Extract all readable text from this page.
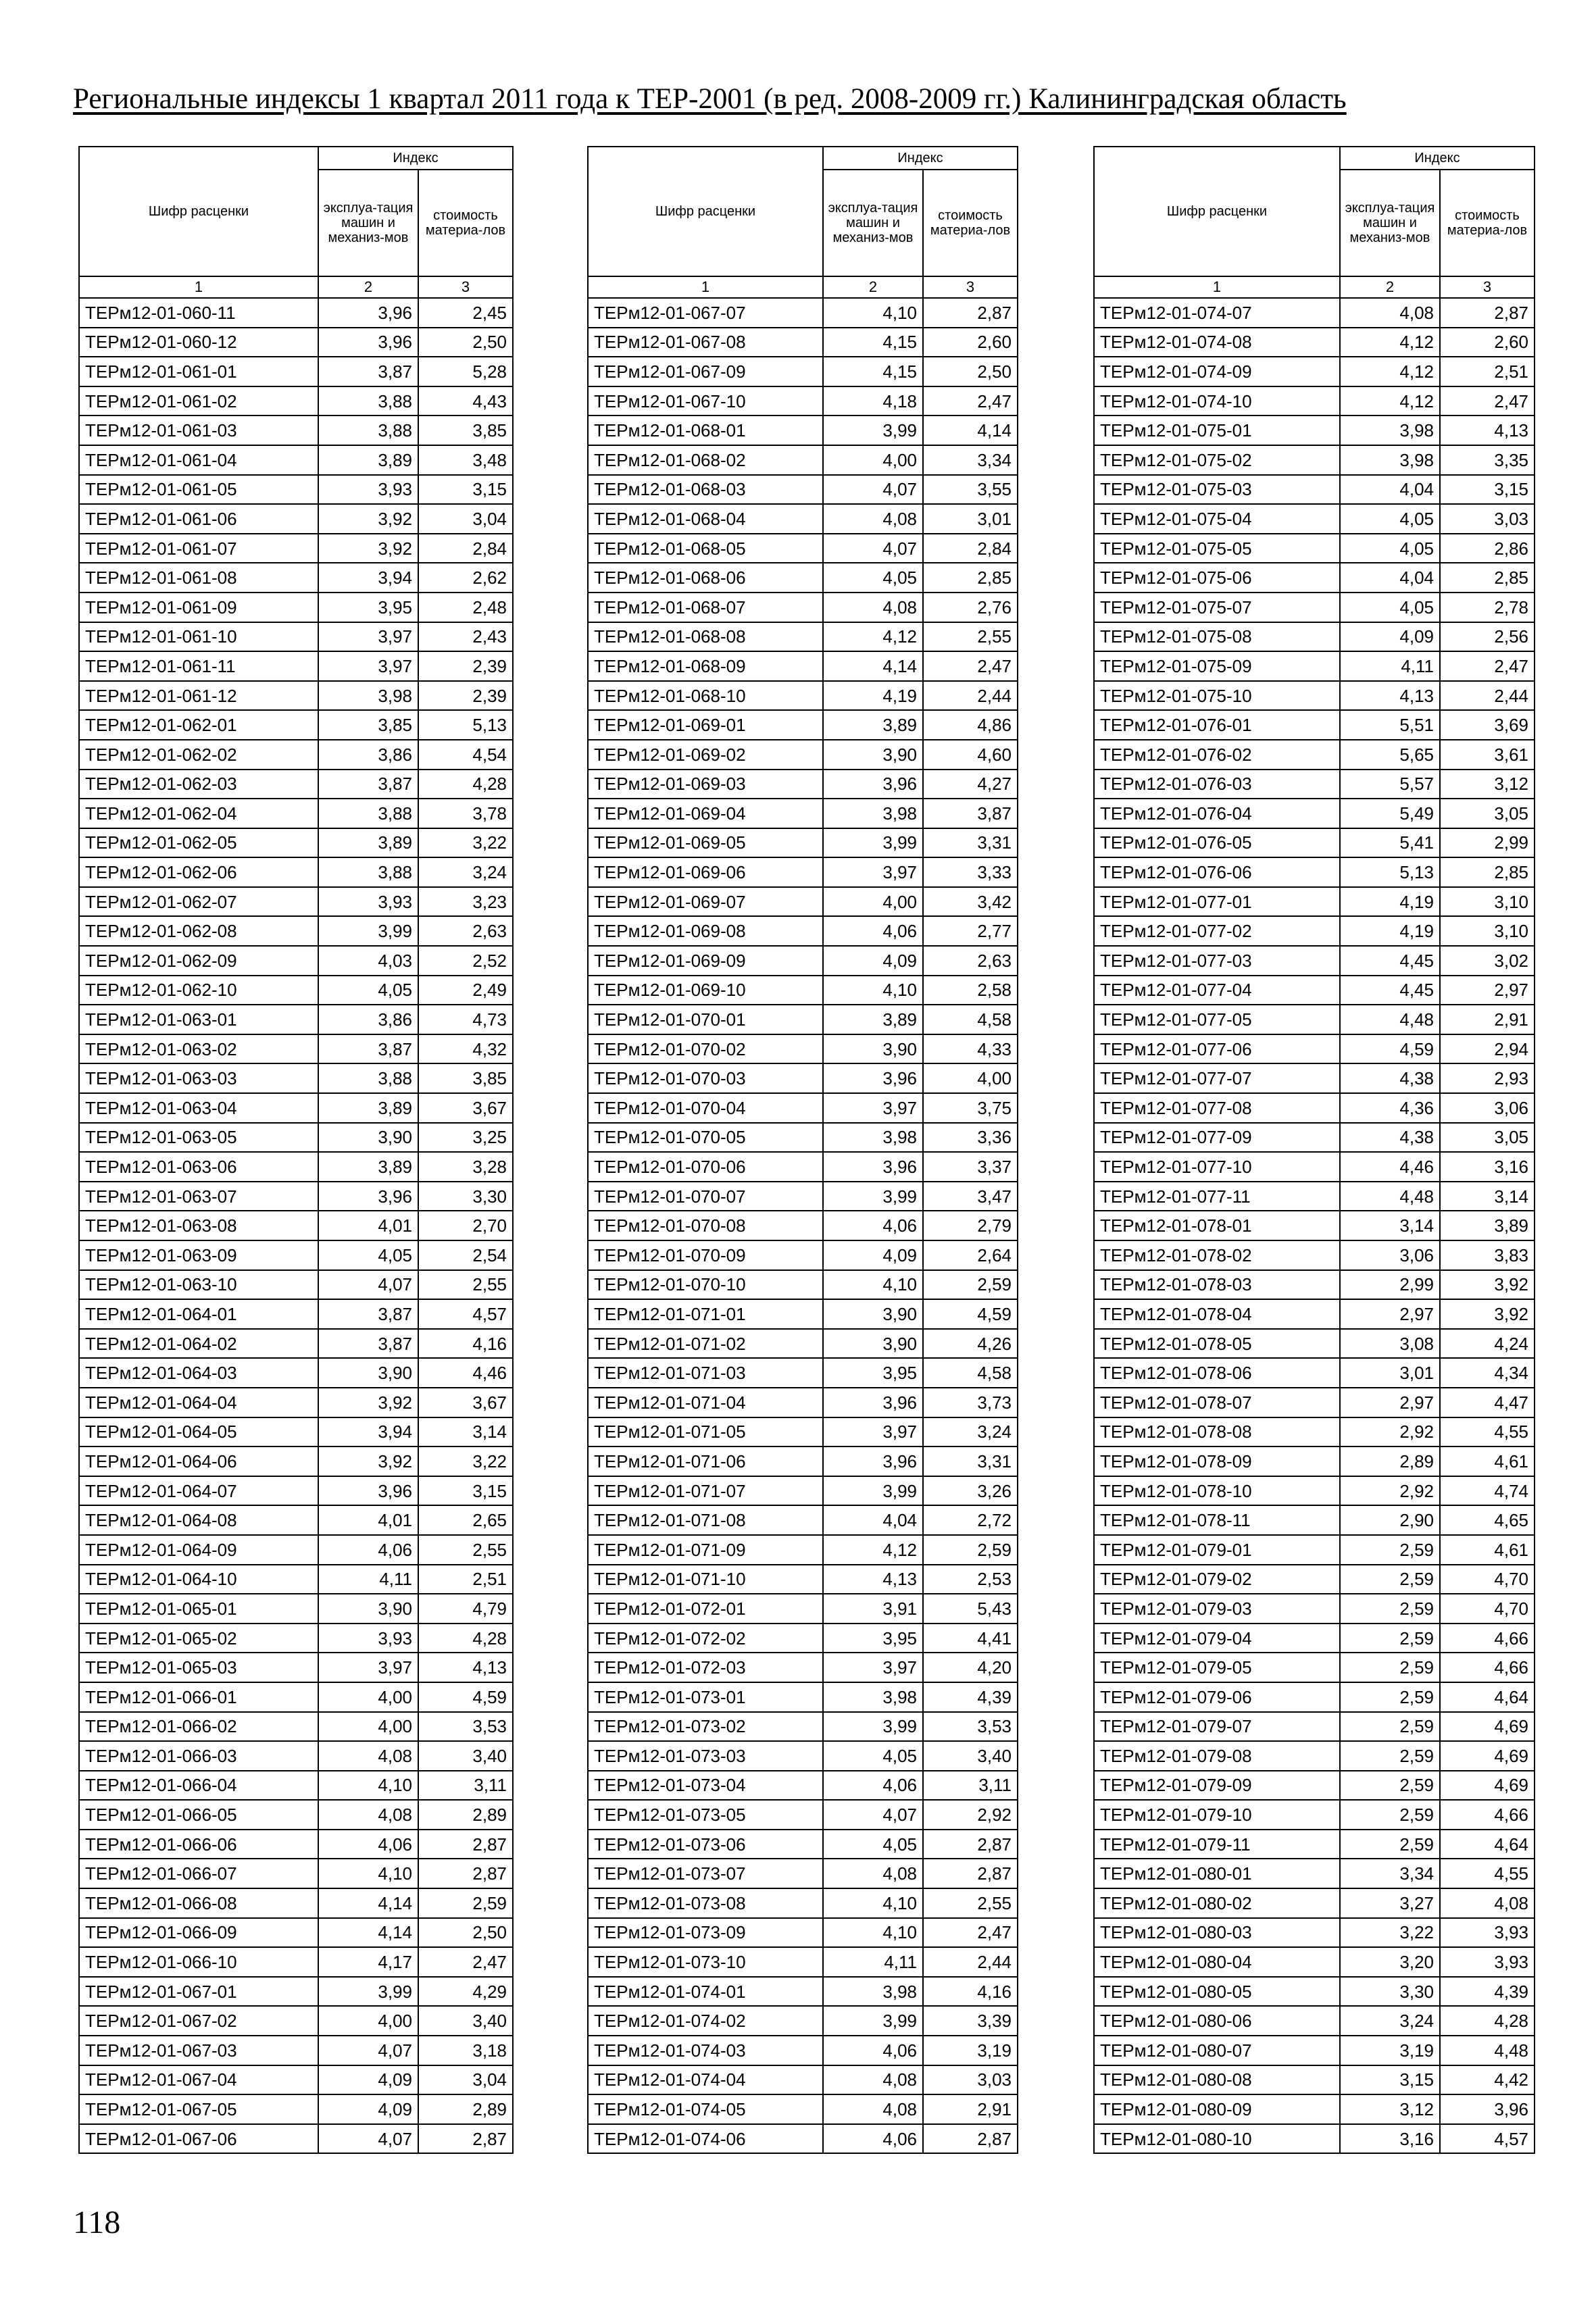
Региональные индексы 1 квартал 2011 года к ТЕР-2001 (в ред. 2008-2009 гг.) Калининградская область
Шифр расценки	Индекс	
	эксплуа-тация машин и механиз-мов	стоимость материа-лов
1	2	3
ТЕРм12-01-060-11	3,96	2,45
ТЕРм12-01-060-12	3,96	2,50
ТЕРм12-01-061-01	3,87	5,28
ТЕРм12-01-061-02	3,88	4,43
ТЕРм12-01-061-03	3,88	3,85
ТЕРм12-01-061-04	3,89	3,48
ТЕРм12-01-061-05	3,93	3,15
ТЕРм12-01-061-06	3,92	3,04
ТЕРм12-01-061-07	3,92	2,84
ТЕРм12-01-061-08	3,94	2,62
ТЕРм12-01-061-09	3,95	2,48
ТЕРм12-01-061-10	3,97	2,43
ТЕРм12-01-061-11	3,97	2,39
ТЕРм12-01-061-12	3,98	2,39
ТЕРм12-01-062-01	3,85	5,13
ТЕРм12-01-062-02	3,86	4,54
ТЕРм12-01-062-03	3,87	4,28
ТЕРм12-01-062-04	3,88	3,78
ТЕРм12-01-062-05	3,89	3,22
ТЕРм12-01-062-06	3,88	3,24
ТЕРм12-01-062-07	3,93	3,23
ТЕРм12-01-062-08	3,99	2,63
ТЕРм12-01-062-09	4,03	2,52
ТЕРм12-01-062-10	4,05	2,49
ТЕРм12-01-063-01	3,86	4,73
ТЕРм12-01-063-02	3,87	4,32
ТЕРм12-01-063-03	3,88	3,85
ТЕРм12-01-063-04	3,89	3,67
ТЕРм12-01-063-05	3,90	3,25
ТЕРм12-01-063-06	3,89	3,28
ТЕРм12-01-063-07	3,96	3,30
ТЕРм12-01-063-08	4,01	2,70
ТЕРм12-01-063-09	4,05	2,54
ТЕРм12-01-063-10	4,07	2,55
ТЕРм12-01-064-01	3,87	4,57
ТЕРм12-01-064-02	3,87	4,16
ТЕРм12-01-064-03	3,90	4,46
ТЕРм12-01-064-04	3,92	3,67
ТЕРм12-01-064-05	3,94	3,14
ТЕРм12-01-064-06	3,92	3,22
ТЕРм12-01-064-07	3,96	3,15
ТЕРм12-01-064-08	4,01	2,65
ТЕРм12-01-064-09	4,06	2,55
ТЕРм12-01-064-10	4,11	2,51
ТЕРм12-01-065-01	3,90	4,79
ТЕРм12-01-065-02	3,93	4,28
ТЕРм12-01-065-03	3,97	4,13
ТЕРм12-01-066-01	4,00	4,59
ТЕРм12-01-066-02	4,00	3,53
ТЕРм12-01-066-03	4,08	3,40
ТЕРм12-01-066-04	4,10	3,11
ТЕРм12-01-066-05	4,08	2,89
ТЕРм12-01-066-06	4,06	2,87
ТЕРм12-01-066-07	4,10	2,87
ТЕРм12-01-066-08	4,14	2,59
ТЕРм12-01-066-09	4,14	2,50
ТЕРм12-01-066-10	4,17	2,47
ТЕРм12-01-067-01	3,99	4,29
ТЕРм12-01-067-02	4,00	3,40
ТЕРм12-01-067-03	4,07	3,18
ТЕРм12-01-067-04	4,09	3,04
ТЕРм12-01-067-05	4,09	2,89
ТЕРм12-01-067-06	4,07	2,87
Шифр расценки	Индекс	
	эксплуа-тация машин и механиз-мов	стоимость материа-лов
1	2	3
ТЕРм12-01-067-07	4,10	2,87
ТЕРм12-01-067-08	4,15	2,60
ТЕРм12-01-067-09	4,15	2,50
ТЕРм12-01-067-10	4,18	2,47
ТЕРм12-01-068-01	3,99	4,14
ТЕРм12-01-068-02	4,00	3,34
ТЕРм12-01-068-03	4,07	3,55
ТЕРм12-01-068-04	4,08	3,01
ТЕРм12-01-068-05	4,07	2,84
ТЕРм12-01-068-06	4,05	2,85
ТЕРм12-01-068-07	4,08	2,76
ТЕРм12-01-068-08	4,12	2,55
ТЕРм12-01-068-09	4,14	2,47
ТЕРм12-01-068-10	4,19	2,44
ТЕРм12-01-069-01	3,89	4,86
ТЕРм12-01-069-02	3,90	4,60
ТЕРм12-01-069-03	3,96	4,27
ТЕРм12-01-069-04	3,98	3,87
ТЕРм12-01-069-05	3,99	3,31
ТЕРм12-01-069-06	3,97	3,33
ТЕРм12-01-069-07	4,00	3,42
ТЕРм12-01-069-08	4,06	2,77
ТЕРм12-01-069-09	4,09	2,63
ТЕРм12-01-069-10	4,10	2,58
ТЕРм12-01-070-01	3,89	4,58
ТЕРм12-01-070-02	3,90	4,33
ТЕРм12-01-070-03	3,96	4,00
ТЕРм12-01-070-04	3,97	3,75
ТЕРм12-01-070-05	3,98	3,36
ТЕРм12-01-070-06	3,96	3,37
ТЕРм12-01-070-07	3,99	3,47
ТЕРм12-01-070-08	4,06	2,79
ТЕРм12-01-070-09	4,09	2,64
ТЕРм12-01-070-10	4,10	2,59
ТЕРм12-01-071-01	3,90	4,59
ТЕРм12-01-071-02	3,90	4,26
ТЕРм12-01-071-03	3,95	4,58
ТЕРм12-01-071-04	3,96	3,73
ТЕРм12-01-071-05	3,97	3,24
ТЕРм12-01-071-06	3,96	3,31
ТЕРм12-01-071-07	3,99	3,26
ТЕРм12-01-071-08	4,04	2,72
ТЕРм12-01-071-09	4,12	2,59
ТЕРм12-01-071-10	4,13	2,53
ТЕРм12-01-072-01	3,91	5,43
ТЕРм12-01-072-02	3,95	4,41
ТЕРм12-01-072-03	3,97	4,20
ТЕРм12-01-073-01	3,98	4,39
ТЕРм12-01-073-02	3,99	3,53
ТЕРм12-01-073-03	4,05	3,40
ТЕРм12-01-073-04	4,06	3,11
ТЕРм12-01-073-05	4,07	2,92
ТЕРм12-01-073-06	4,05	2,87
ТЕРм12-01-073-07	4,08	2,87
ТЕРм12-01-073-08	4,10	2,55
ТЕРм12-01-073-09	4,10	2,47
ТЕРм12-01-073-10	4,11	2,44
ТЕРм12-01-074-01	3,98	4,16
ТЕРм12-01-074-02	3,99	3,39
ТЕРм12-01-074-03	4,06	3,19
ТЕРм12-01-074-04	4,08	3,03
ТЕРм12-01-074-05	4,08	2,91
ТЕРм12-01-074-06	4,06	2,87
Шифр расценки	Индекс	
	эксплуа-тация машин и механиз-мов	стоимость материа-лов
1	2	3
ТЕРм12-01-074-07	4,08	2,87
ТЕРм12-01-074-08	4,12	2,60
ТЕРм12-01-074-09	4,12	2,51
ТЕРм12-01-074-10	4,12	2,47
ТЕРм12-01-075-01	3,98	4,13
ТЕРм12-01-075-02	3,98	3,35
ТЕРм12-01-075-03	4,04	3,15
ТЕРм12-01-075-04	4,05	3,03
ТЕРм12-01-075-05	4,05	2,86
ТЕРм12-01-075-06	4,04	2,85
ТЕРм12-01-075-07	4,05	2,78
ТЕРм12-01-075-08	4,09	2,56
ТЕРм12-01-075-09	4,11	2,47
ТЕРм12-01-075-10	4,13	2,44
ТЕРм12-01-076-01	5,51	3,69
ТЕРм12-01-076-02	5,65	3,61
ТЕРм12-01-076-03	5,57	3,12
ТЕРм12-01-076-04	5,49	3,05
ТЕРм12-01-076-05	5,41	2,99
ТЕРм12-01-076-06	5,13	2,85
ТЕРм12-01-077-01	4,19	3,10
ТЕРм12-01-077-02	4,19	3,10
ТЕРм12-01-077-03	4,45	3,02
ТЕРм12-01-077-04	4,45	2,97
ТЕРм12-01-077-05	4,48	2,91
ТЕРм12-01-077-06	4,59	2,94
ТЕРм12-01-077-07	4,38	2,93
ТЕРм12-01-077-08	4,36	3,06
ТЕРм12-01-077-09	4,38	3,05
ТЕРм12-01-077-10	4,46	3,16
ТЕРм12-01-077-11	4,48	3,14
ТЕРм12-01-078-01	3,14	3,89
ТЕРм12-01-078-02	3,06	3,83
ТЕРм12-01-078-03	2,99	3,92
ТЕРм12-01-078-04	2,97	3,92
ТЕРм12-01-078-05	3,08	4,24
ТЕРм12-01-078-06	3,01	4,34
ТЕРм12-01-078-07	2,97	4,47
ТЕРм12-01-078-08	2,92	4,55
ТЕРм12-01-078-09	2,89	4,61
ТЕРм12-01-078-10	2,92	4,74
ТЕРм12-01-078-11	2,90	4,65
ТЕРм12-01-079-01	2,59	4,61
ТЕРм12-01-079-02	2,59	4,70
ТЕРм12-01-079-03	2,59	4,70
ТЕРм12-01-079-04	2,59	4,66
ТЕРм12-01-079-05	2,59	4,66
ТЕРм12-01-079-06	2,59	4,64
ТЕРм12-01-079-07	2,59	4,69
ТЕРм12-01-079-08	2,59	4,69
ТЕРм12-01-079-09	2,59	4,69
ТЕРм12-01-079-10	2,59	4,66
ТЕРм12-01-079-11	2,59	4,64
ТЕРм12-01-080-01	3,34	4,55
ТЕРм12-01-080-02	3,27	4,08
ТЕРм12-01-080-03	3,22	3,93
ТЕРм12-01-080-04	3,20	3,93
ТЕРм12-01-080-05	3,30	4,39
ТЕРм12-01-080-06	3,24	4,28
ТЕРм12-01-080-07	3,19	4,48
ТЕРм12-01-080-08	3,15	4,42
ТЕРм12-01-080-09	3,12	3,96
ТЕРм12-01-080-10	3,16	4,57
118
